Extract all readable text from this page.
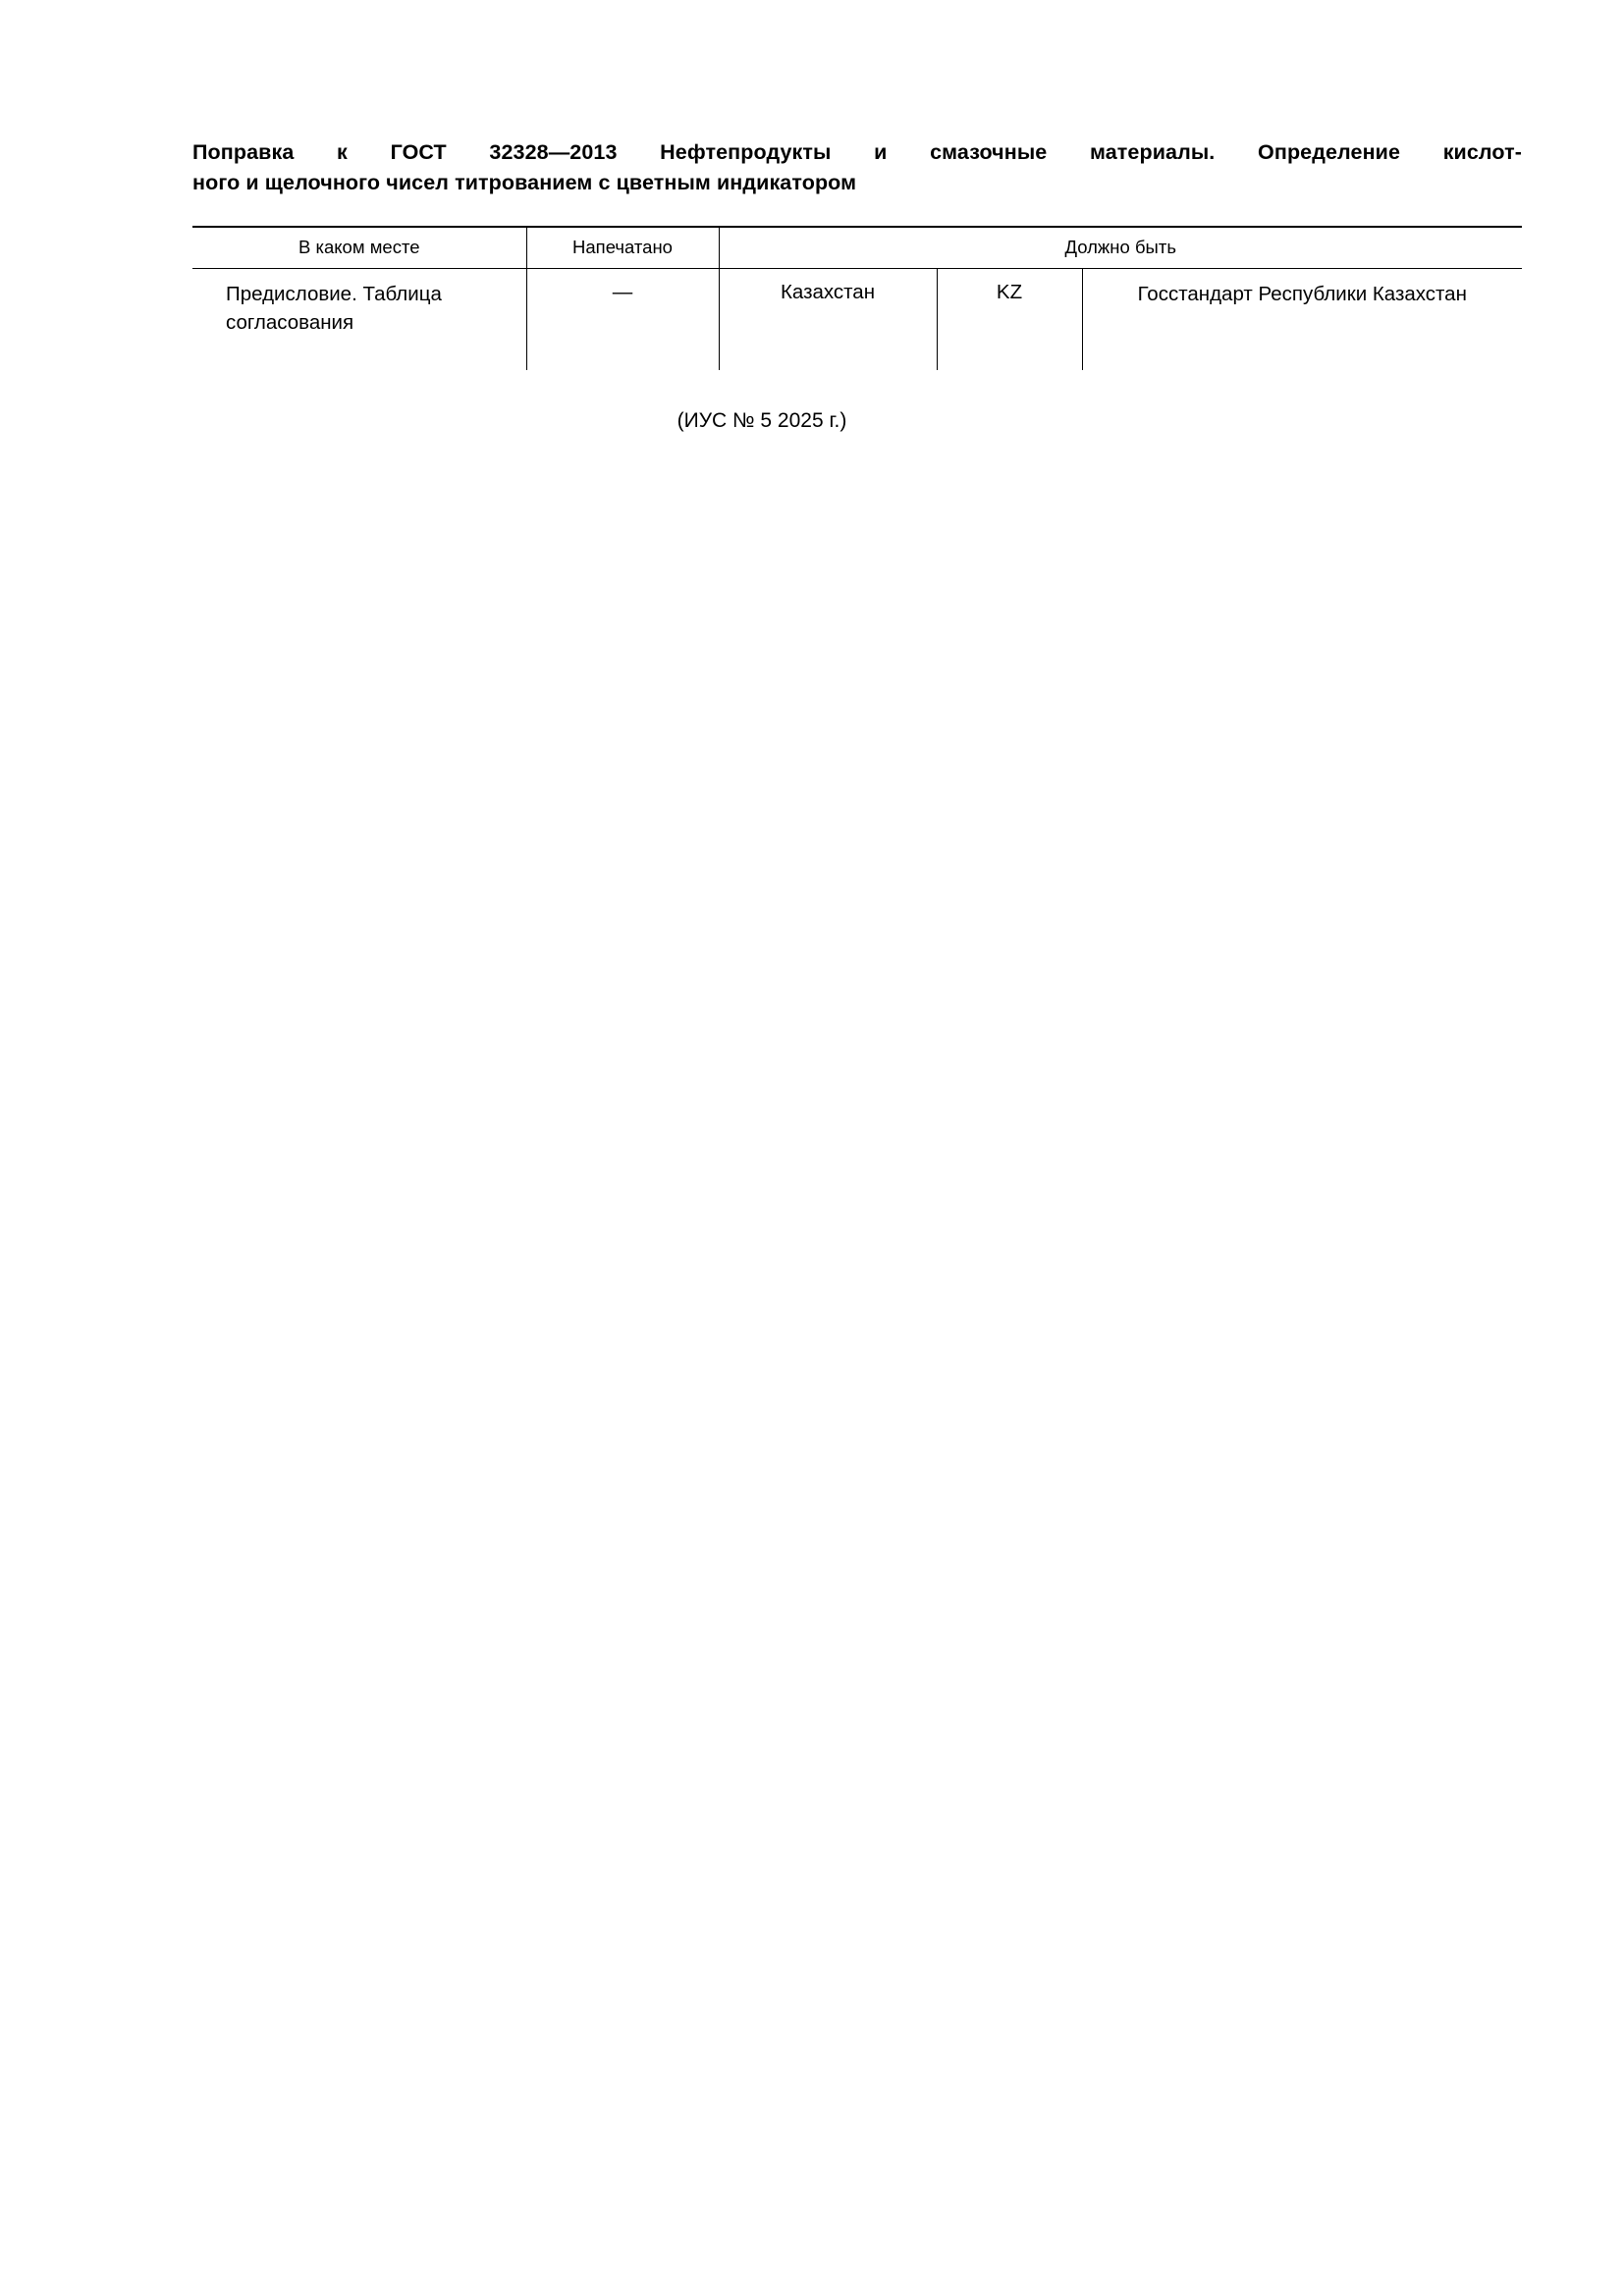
Поправка к ГОСТ 32328—2013 Нефтепродукты и смазочные материалы. Определение кислот-
ного и щелочного чисел титрованием с цветным индикатором

В каком месте	Напечатано	Должно быть		
Предисловие. Таблица согласования	—	Казахстан	KZ	Госстандарт Республики Казахстан
(ИУС № 5 2025 г.)
